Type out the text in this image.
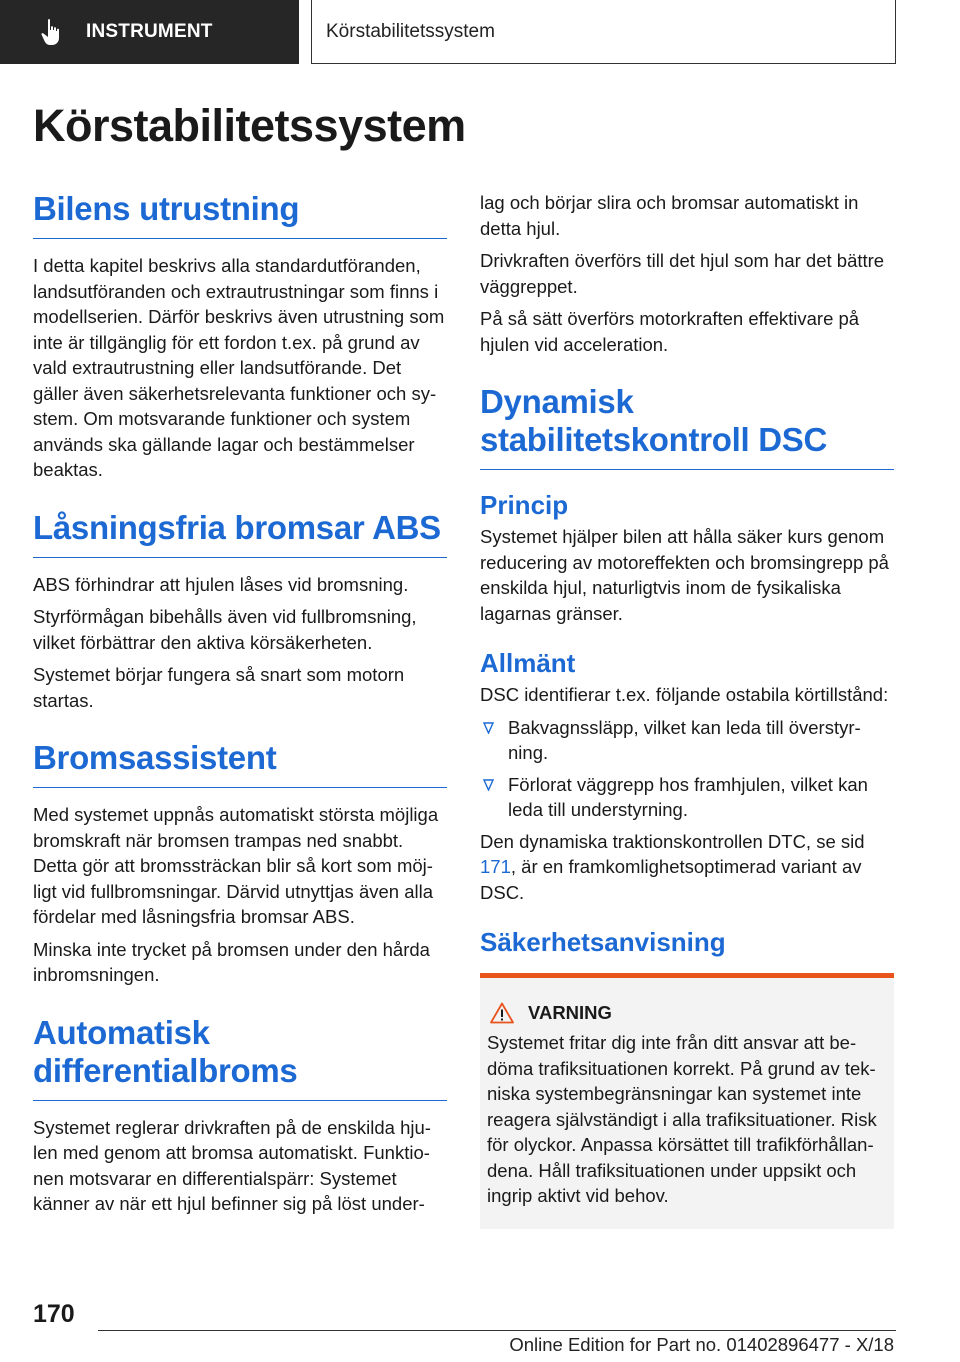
INSTRUMENT	Körstabilitetssystem
Körstabilitetssystem
Bilens utrustning

I detta kapitel beskrivs alla standardutföranden, landsutföranden och extrautrustningar som finns i modellserien. Därför beskrivs även utrustning som inte är tillgänglig för ett fordon t.ex. på grund av vald extrautrustning eller landsutförande. Det gäller även säkerhetsrelevanta funktioner och system. Om motsvarande funktioner och system används ska gällande lagar och bestämmelser beaktas.

Låsningsfria bromsar ABS

ABS förhindrar att hjulen låses vid bromsning.

Styrförmågan bibehålls även vid fullbromsning, vilket förbättrar den aktiva körsäkerheten.

Systemet börjar fungera så snart som motorn startas.

Bromsassistent

Med systemet uppnås automatiskt största möjliga bromskraft när bromsen trampas ned snabbt. Detta gör att bromssträckan blir så kort som möjligt vid fullbromsningar. Därvid utnyttjas även alla fördelar med låsningsfria bromsar ABS.

Minska inte trycket på bromsen under den hårda inbromsningen.

Automatisk differentialbroms

Systemet reglerar drivkraften på de enskilda hjulen med genom att bromsa automatiskt. Funktionen motsvarar en differentialspärr: Systemet känner av när ett hjul befinner sig på löst under-

lag och börjar slira och bromsar automatiskt in detta hjul.

Drivkraften överförs till det hjul som har det bättre väggreppet.

På så sätt överförs motorkraften effektivare på hjulen vid acceleration.

Dynamisk stabilitetskontroll DSC
Princip

Systemet hjälper bilen att hålla säker kurs genom reducering av motoreffekten och bromsingrepp på enskilda hjul, naturligtvis inom de fysikaliska lagarnas gränser.

Allmänt

DSC identifierar t.ex. följande ostabila körtillstånd:

Bakvagnssläpp, vilket kan leda till överstyrning.
Förlorat väggrepp hos framhjulen, vilket kan leda till understyrning.

Den dynamiska traktionskontrollen DTC, se sid 171, är en framkomlighetsoptimerad variant av DSC.

Säkerhetsanvisning
VARNING

Systemet fritar dig inte från ditt ansvar att bedöma trafiksituationen korrekt. På grund av tekniska systembegränsningar kan systemet inte reagera självständigt i alla trafiksituationer. Risk för olyckor. Anpassa körsättet till trafikförhållandena. Håll trafiksituationen under uppsikt och ingrip aktivt vid behov.

170
Online Edition for Part no. 01402896477 - X/18
